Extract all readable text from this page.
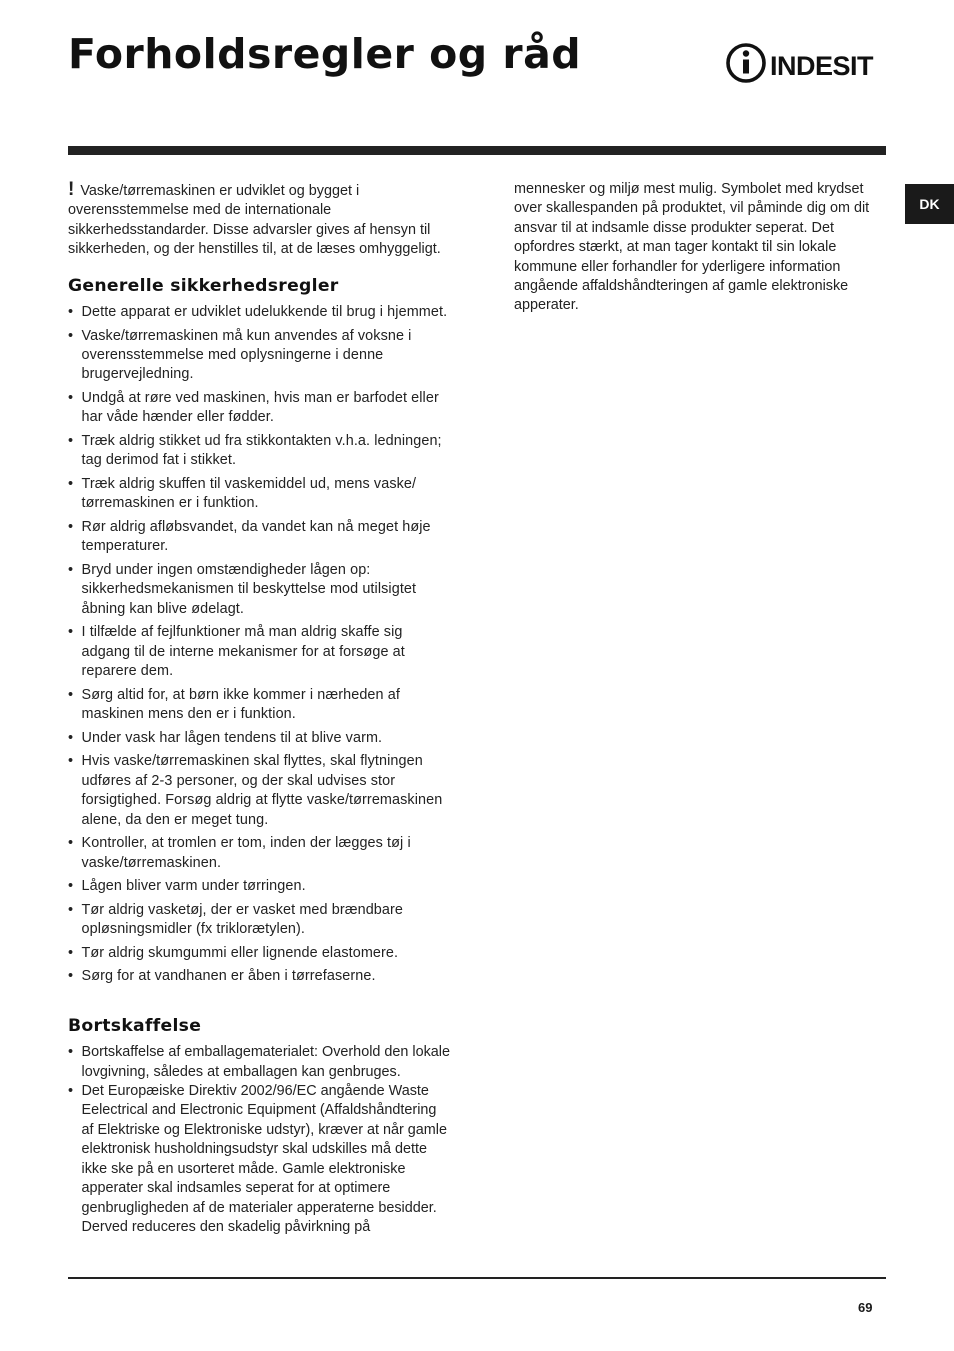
Forholdsregler og råd	INDESIT
DK

! Vaske/tørremaskinen er udviklet og bygget i overensstemmelse med de internationale sikkerhedsstandarder. Disse advarsler gives af hensyn til sikkerheden, og der henstilles til, at de læses omhyggeligt.

Generelle sikkerhedsregler
• Dette apparat er udviklet udelukkende til brug i hjemmet.
• Vaske/tørremaskinen må kun anvendes af voksne i overensstemmelse med oplysningerne i denne brugervejledning.
• Undgå at røre ved maskinen, hvis man er barfodet eller har våde hænder eller fødder.
• Træk aldrig stikket ud fra stikkontakten v.h.a. ledningen; tag derimod fat i stikket.
• Træk aldrig skuffen til vaskemiddel ud, mens vaske/ tørremaskinen er i funktion.
• Rør aldrig afløbsvandet, da vandet kan nå meget høje temperaturer.
• Bryd under ingen omstændigheder lågen op: sikkerhedsmekanismen til beskyttelse mod utilsigtet åbning kan blive ødelagt.
• I tilfælde af fejlfunktioner må man aldrig skaffe sig adgang til de interne mekanismer for at forsøge at reparere dem.
• Sørg altid for, at børn ikke kommer i nærheden af maskinen mens den er i funktion.
• Under vask har lågen tendens til at blive varm.
• Hvis vaske/tørremaskinen skal flyttes, skal flytningen udføres af 2-3 personer, og der skal udvises stor forsigtighed. Forsøg aldrig at flytte vaske/tørremaskinen alene, da den er meget tung.
• Kontroller, at tromlen er tom, inden der lægges tøj i vaske/tørremaskinen.
• Lågen bliver varm under tørringen.
• Tør aldrig vasketøj, der er vasket med brændbare opløsningsmidler (fx triklorætylen).
• Tør aldrig skumgummi eller lignende elastomere.
• Sørg for at vandhanen er åben i tørrefaserne.
Bortskaffelse
• Bortskaffelse af emballagematerialet: Overhold den lokale lovgivning, således at emballagen kan genbruges.
• Det Europæiske Direktiv 2002/96/EC angående Waste Eelectrical and Electronic Equipment (Affaldshåndtering af Elektriske og Elektroniske udstyr), kræver at når gamle elektronisk husholdningsudstyr skal udskilles må dette ikke ske på en usorteret måde. Gamle elektroniske apperater skal indsamles seperat for at optimere genbrugligheden af de materialer apperaterne besidder. Derved reduceres den skadelig påvirkning på

mennesker og miljø mest mulig. Symbolet med krydset over skallespanden på produktet, vil påminde dig om dit ansvar til at indsamle disse produkter seperat. Det opfordres stærkt, at man tager kontakt til sin lokale kommune eller forhandler for yderligere information angående affaldshåndteringen af gamle elektroniske apperater.

69
